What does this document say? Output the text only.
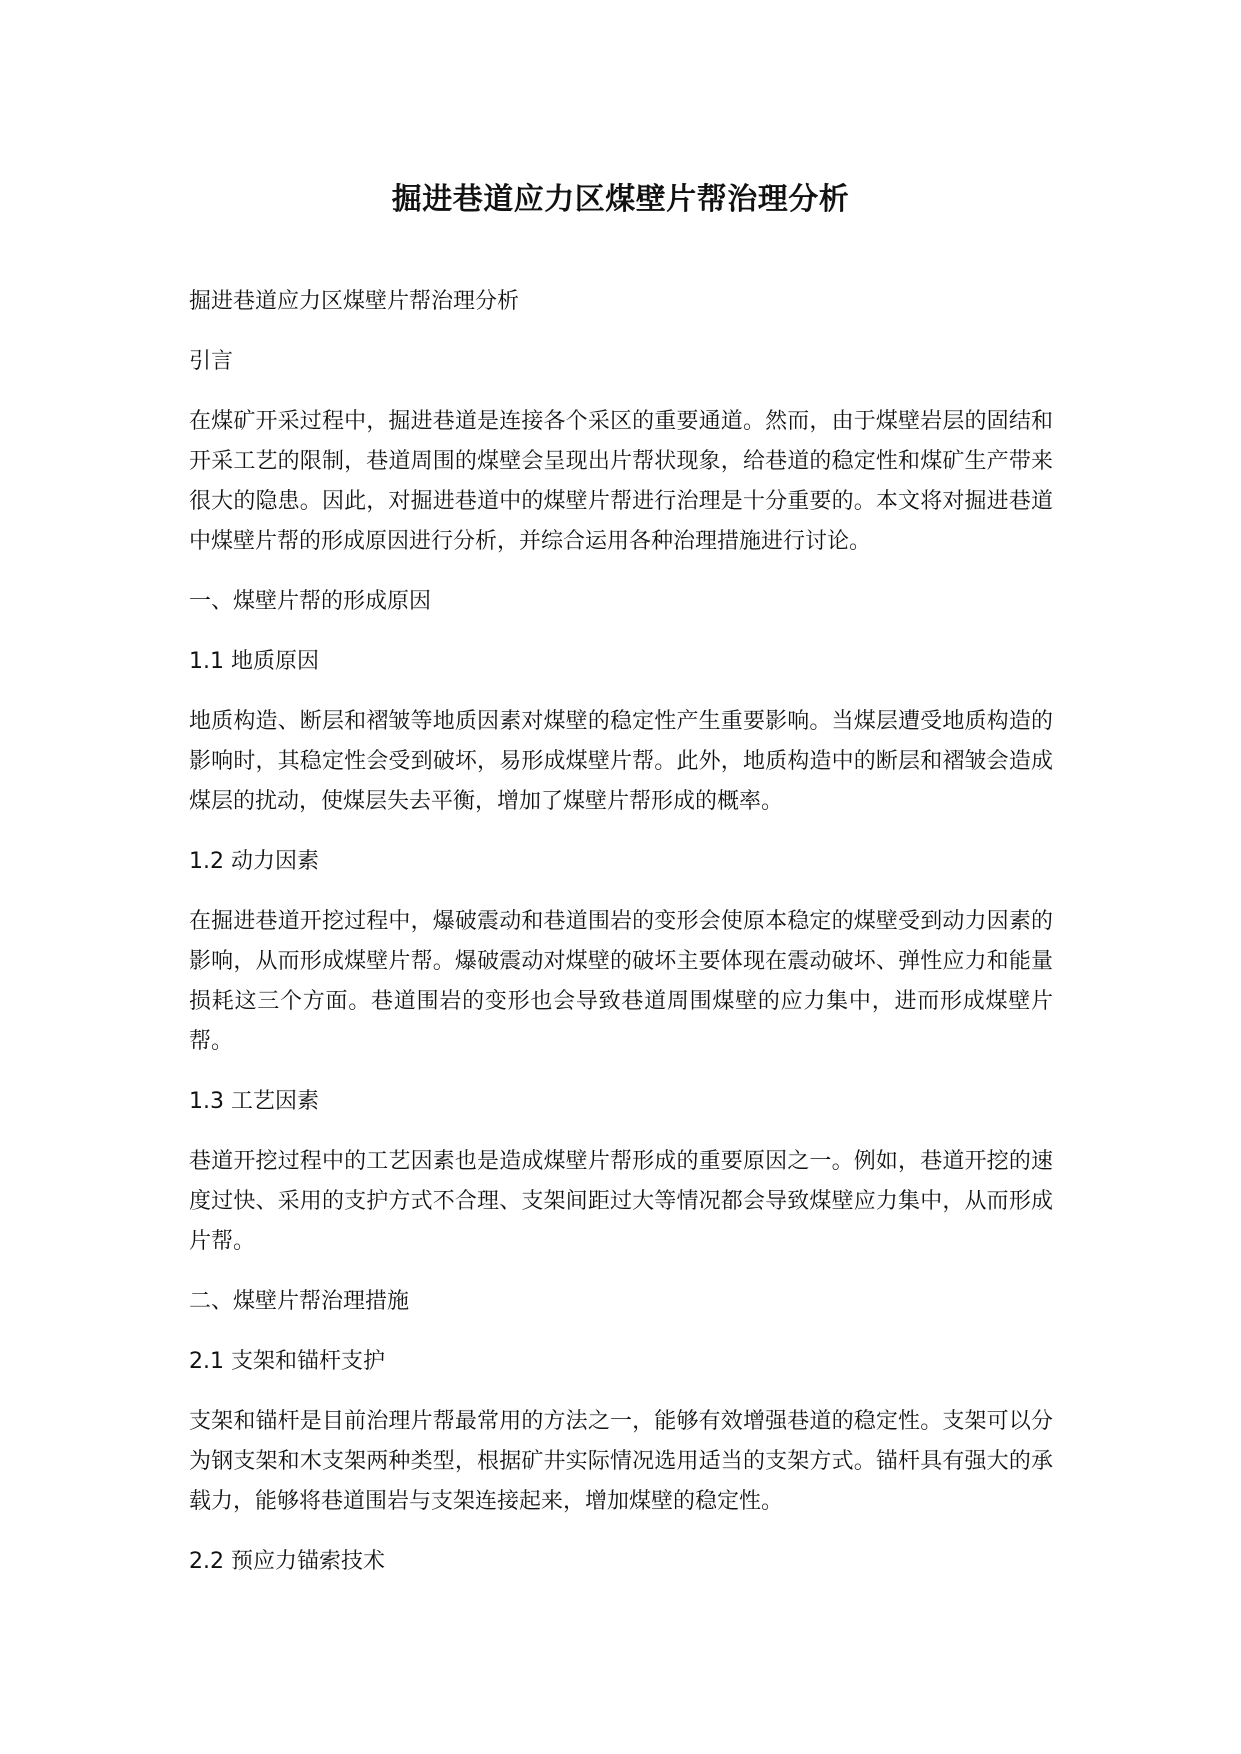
掘进巷道应力区煤壁片帮治理分析

掘进巷道应力区煤壁片帮治理分析

引言

在煤矿开采过程中，掘进巷道是连接各个采区的重要通道。然而，由于煤壁岩层的固结和开采工艺的限制，巷道周围的煤壁会呈现出片帮状现象，给巷道的稳定性和煤矿生产带来很大的隐患。因此，对掘进巷道中的煤壁片帮进行治理是十分重要的。本文将对掘进巷道中煤壁片帮的形成原因进行分析，并综合运用各种治理措施进行讨论。

一、煤壁片帮的形成原因

1.1 地质原因

地质构造、断层和褶皱等地质因素对煤壁的稳定性产生重要影响。当煤层遭受地质构造的影响时，其稳定性会受到破坏，易形成煤壁片帮。此外，地质构造中的断层和褶皱会造成煤层的扰动，使煤层失去平衡，增加了煤壁片帮形成的概率。

1.2 动力因素

在掘进巷道开挖过程中，爆破震动和巷道围岩的变形会使原本稳定的煤壁受到动力因素的影响，从而形成煤壁片帮。爆破震动对煤壁的破坏主要体现在震动破坏、弹性应力和能量损耗这三个方面。巷道围岩的变形也会导致巷道周围煤壁的应力集中，进而形成煤壁片帮。

1.3 工艺因素

巷道开挖过程中的工艺因素也是造成煤壁片帮形成的重要原因之一。例如，巷道开挖的速度过快、采用的支护方式不合理、支架间距过大等情况都会导致煤壁应力集中，从而形成片帮。

二、煤壁片帮治理措施

2.1 支架和锚杆支护

支架和锚杆是目前治理片帮最常用的方法之一，能够有效增强巷道的稳定性。支架可以分为钢支架和木支架两种类型，根据矿井实际情况选用适当的支架方式。锚杆具有强大的承载力，能够将巷道围岩与支架连接起来，增加煤壁的稳定性。

2.2 预应力锚索技术
